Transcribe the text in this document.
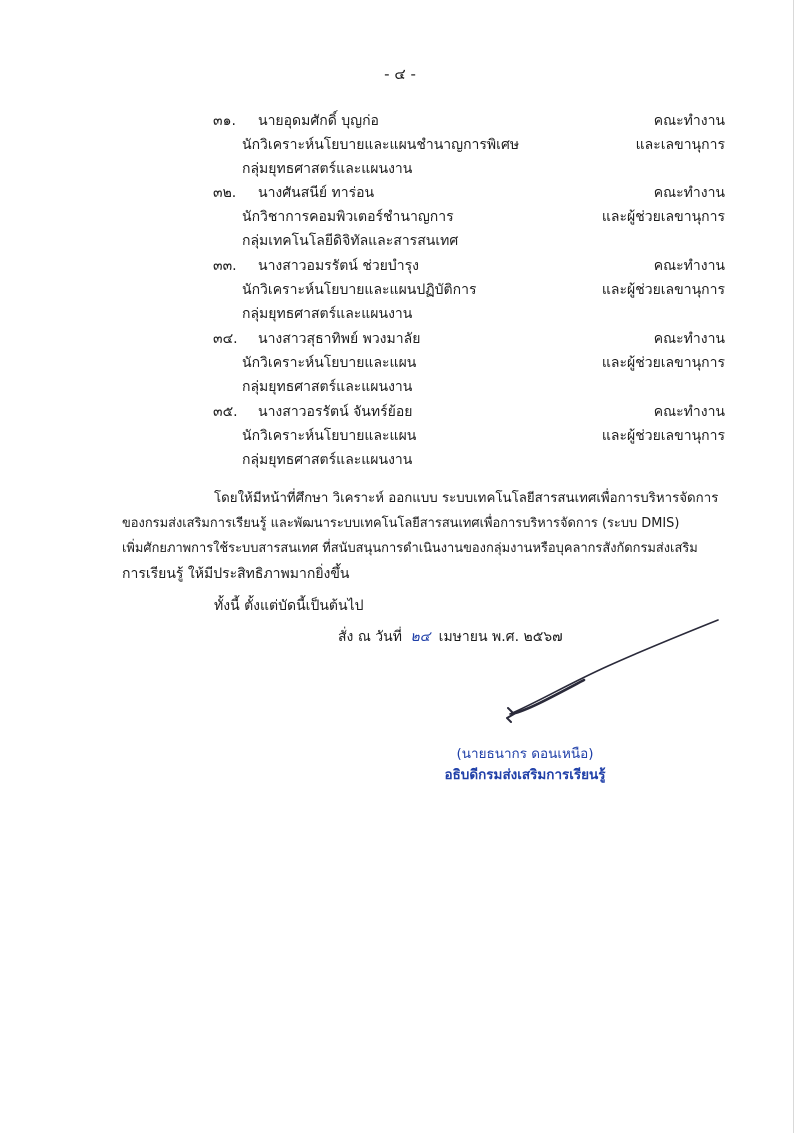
- ๔ -
๓๑. นายอุดมศักดิ์ บุญก่อ	คณะทำงาน
นักวิเคราะห์นโยบายและแผนชำนาญการพิเศษ	และเลขานุการ
กลุ่มยุทธศาสตร์และแผนงาน
๓๒. นางศันสนีย์ ทาร่อน	คณะทำงาน
นักวิชาการคอมพิวเตอร์ชำนาญการ	และผู้ช่วยเลขานุการ
กลุ่มเทคโนโลยีดิจิทัลและสารสนเทศ
๓๓. นางสาวอมรรัตน์ ช่วยบำรุง	คณะทำงาน
นักวิเคราะห์นโยบายและแผนปฏิบัติการ	และผู้ช่วยเลขานุการ
กลุ่มยุทธศาสตร์และแผนงาน
๓๔. นางสาวสุธาทิพย์ พวงมาลัย	คณะทำงาน
นักวิเคราะห์นโยบายและแผน	และผู้ช่วยเลขานุการ
กลุ่มยุทธศาสตร์และแผนงาน
๓๕. นางสาวอรรัตน์ จันทร์ย้อย	คณะทำงาน
นักวิเคราะห์นโยบายและแผน	และผู้ช่วยเลขานุการ
กลุ่มยุทธศาสตร์และแผนงาน
โดยให้มีหน้าที่ศึกษา วิเคราะห์ ออกแบบ ระบบเทคโนโลยีสารสนเทศเพื่อการบริหารจัดการ
ของกรมส่งเสริมการเรียนรู้ และพัฒนาระบบเทคโนโลยีสารสนเทศเพื่อการบริหารจัดการ (ระบบ DMIS)
เพิ่มศักยภาพการใช้ระบบสารสนเทศ ที่สนับสนุนการดำเนินงานของกลุ่มงานหรือบุคลากรสังกัดกรมส่งเสริม
การเรียนรู้ ให้มีประสิทธิภาพมากยิ่งขึ้น
ทั้งนี้ ตั้งแต่บัดนี้เป็นต้นไป
สั่ง ณ วันที่ ๒๔ เมษายน พ.ศ. ๒๕๖๗
(นายธนากร ดอนเหนือ)
อธิบดีกรมส่งเสริมการเรียนรู้
